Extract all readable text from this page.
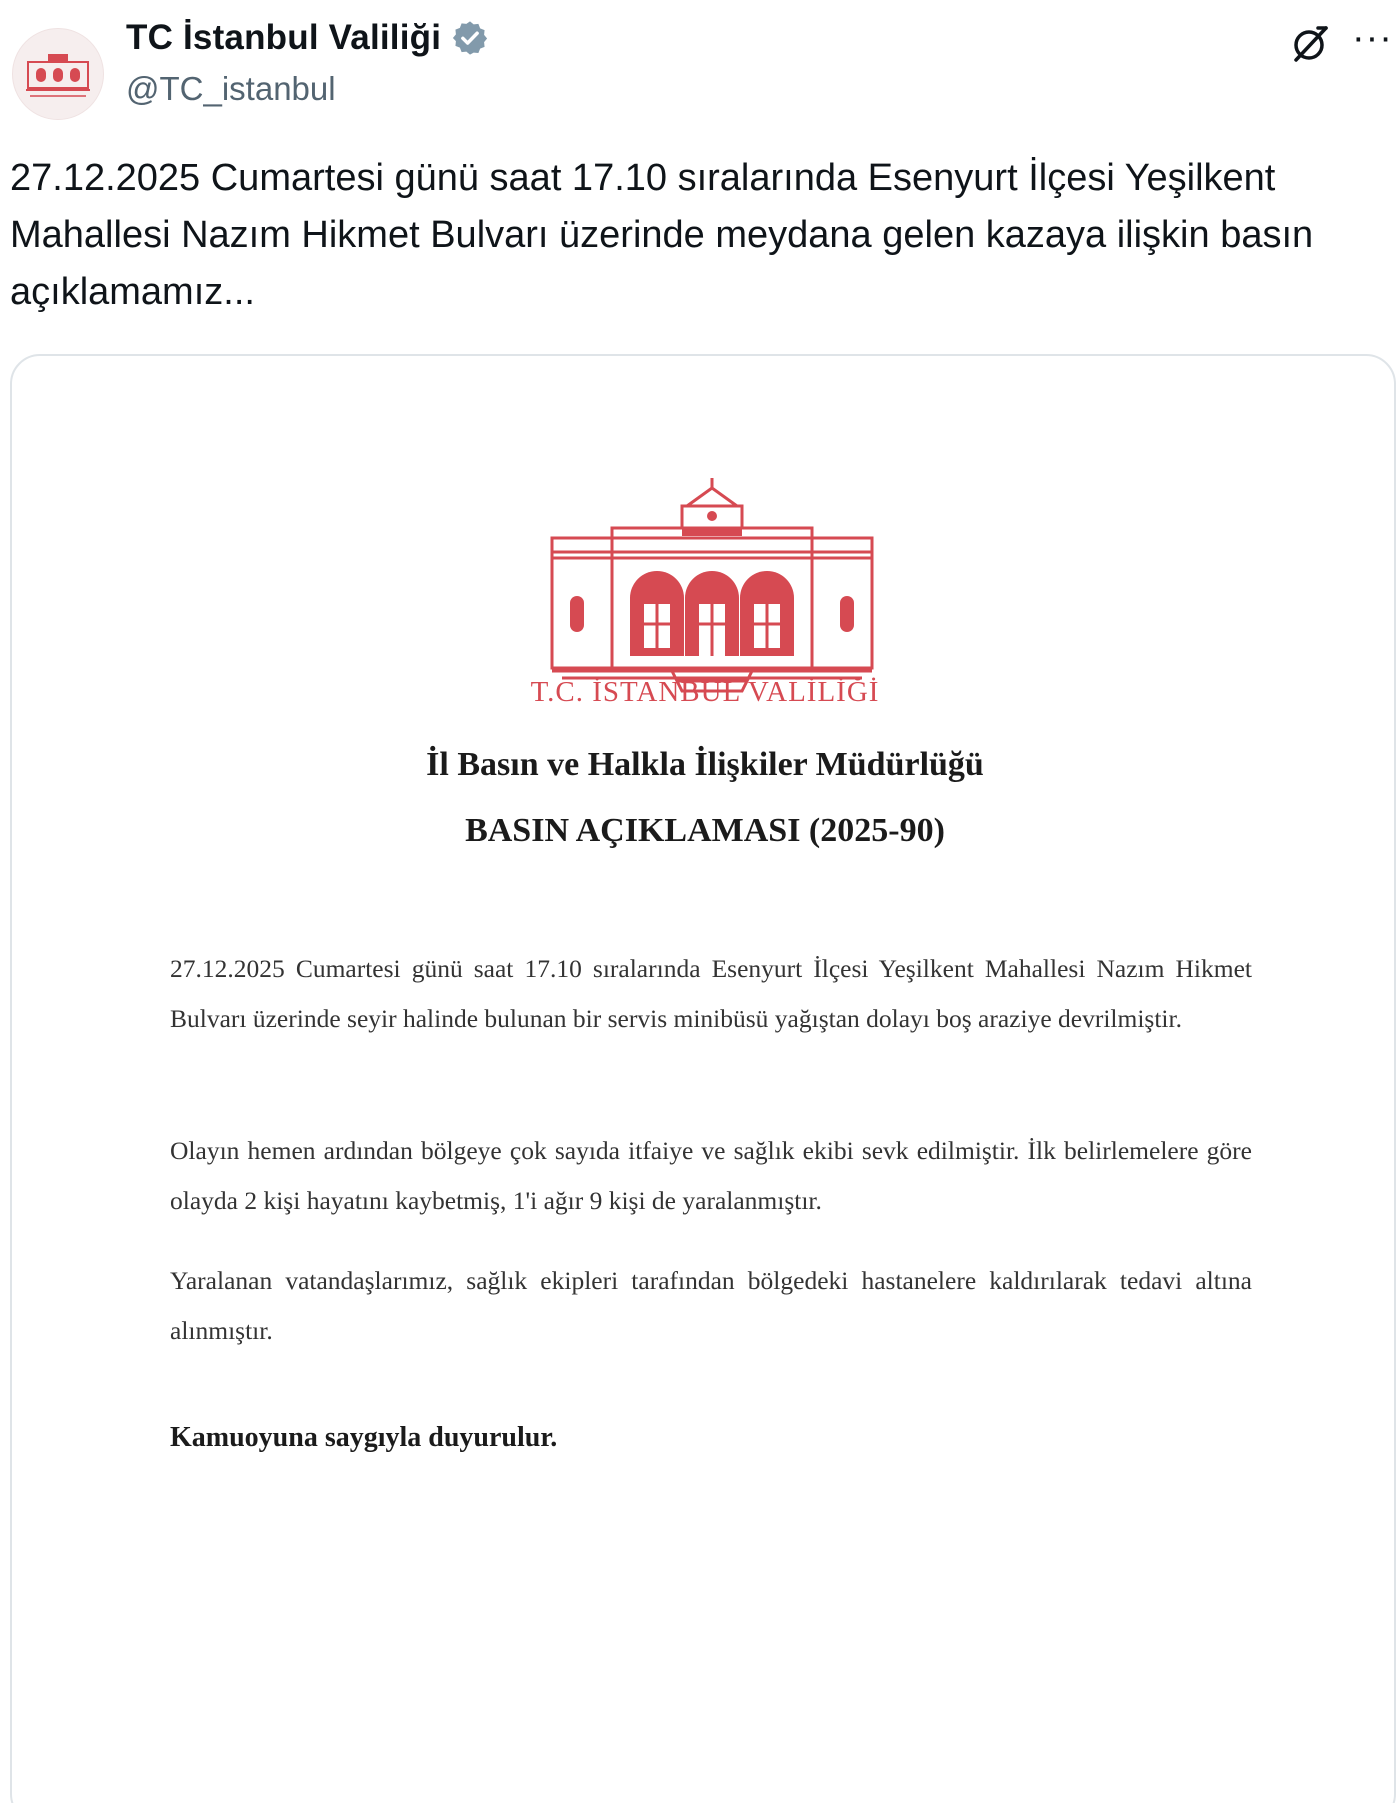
TC İstanbul Valiliği
@TC_istanbul
···
27.12.2025 Cumartesi günü saat 17.10 sıralarında Esenyurt İlçesi Yeşilkent Mahallesi Nazım Hikmet Bulvarı üzerinde meydana gelen kazaya ilişkin basın açıklamamız...
T.C. İSTANBUL VALİLİĞİ
İl Basın ve Halkla İlişkiler Müdürlüğü
BASIN AÇIKLAMASI (2025-90)

27.12.2025 Cumartesi günü saat 17.10 sıralarında Esenyurt İlçesi Yeşilkent Mahallesi Nazım Hikmet Bulvarı üzerinde seyir halinde bulunan bir servis minibüsü yağıştan dolayı boş araziye devrilmiştir.

Olayın hemen ardından bölgeye çok sayıda itfaiye ve sağlık ekibi sevk edilmiştir. İlk belirlemelere göre olayda 2 kişi hayatını kaybetmiş, 1'i ağır 9 kişi de yaralanmıştır.

Yaralanan vatandaşlarımız, sağlık ekipleri tarafından bölgedeki hastanelere kaldırılarak tedavi altına alınmıştır.

Kamuoyuna saygıyla duyurulur.
